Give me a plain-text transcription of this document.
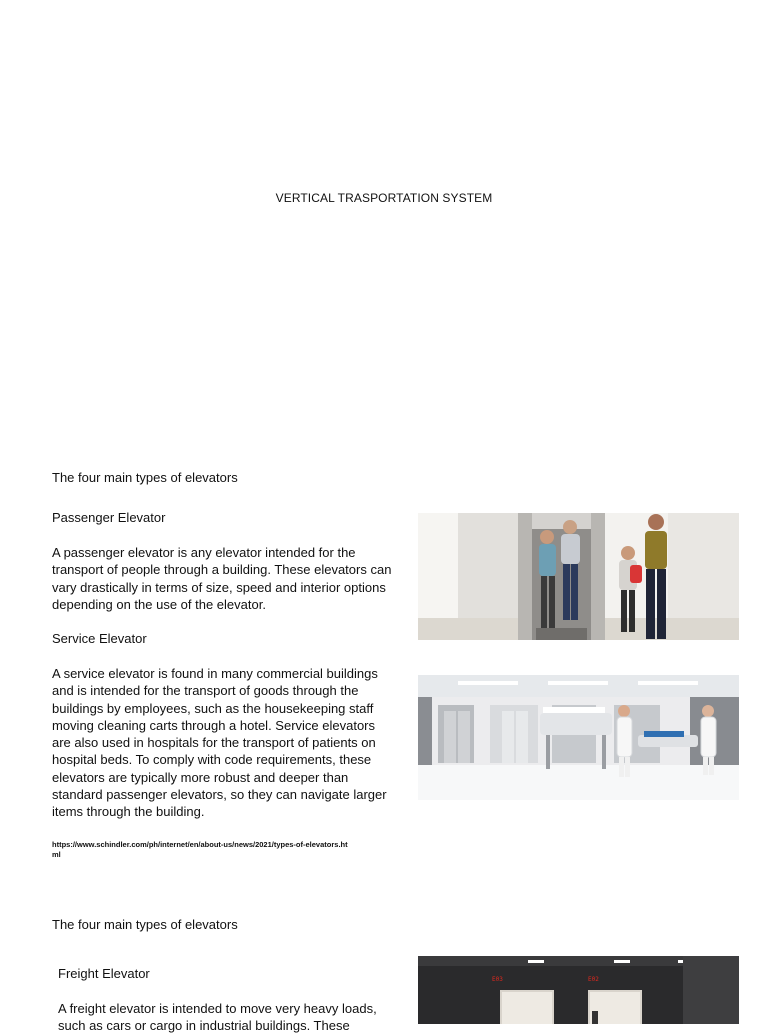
VERTICAL TRASPORTATION SYSTEM
The four main types of elevators
Passenger Elevator
A passenger elevator is any elevator intended for the transport of people through a building. These elevators can vary drastically in terms of size, speed and interior options depending on the use of the elevator.
Service Elevator
A service elevator is found in many commercial buildings and is intended for the transport of goods through the buildings by employees, such as the housekeeping staff moving cleaning carts through a hotel. Service elevators are also used in hospitals for the transport of patients on hospital beds. To comply with code requirements, these elevators are typically more robust and deeper than standard passenger elevators, so they can navigate larger items through the building.
https://www.schindler.com/ph/internet/en/about-us/news/2021/types-of-elevators.html
The four main types of elevators
Freight Elevator
A freight elevator is intended to move very heavy loads, such as cars or cargo in industrial buildings. These
E03	E02
